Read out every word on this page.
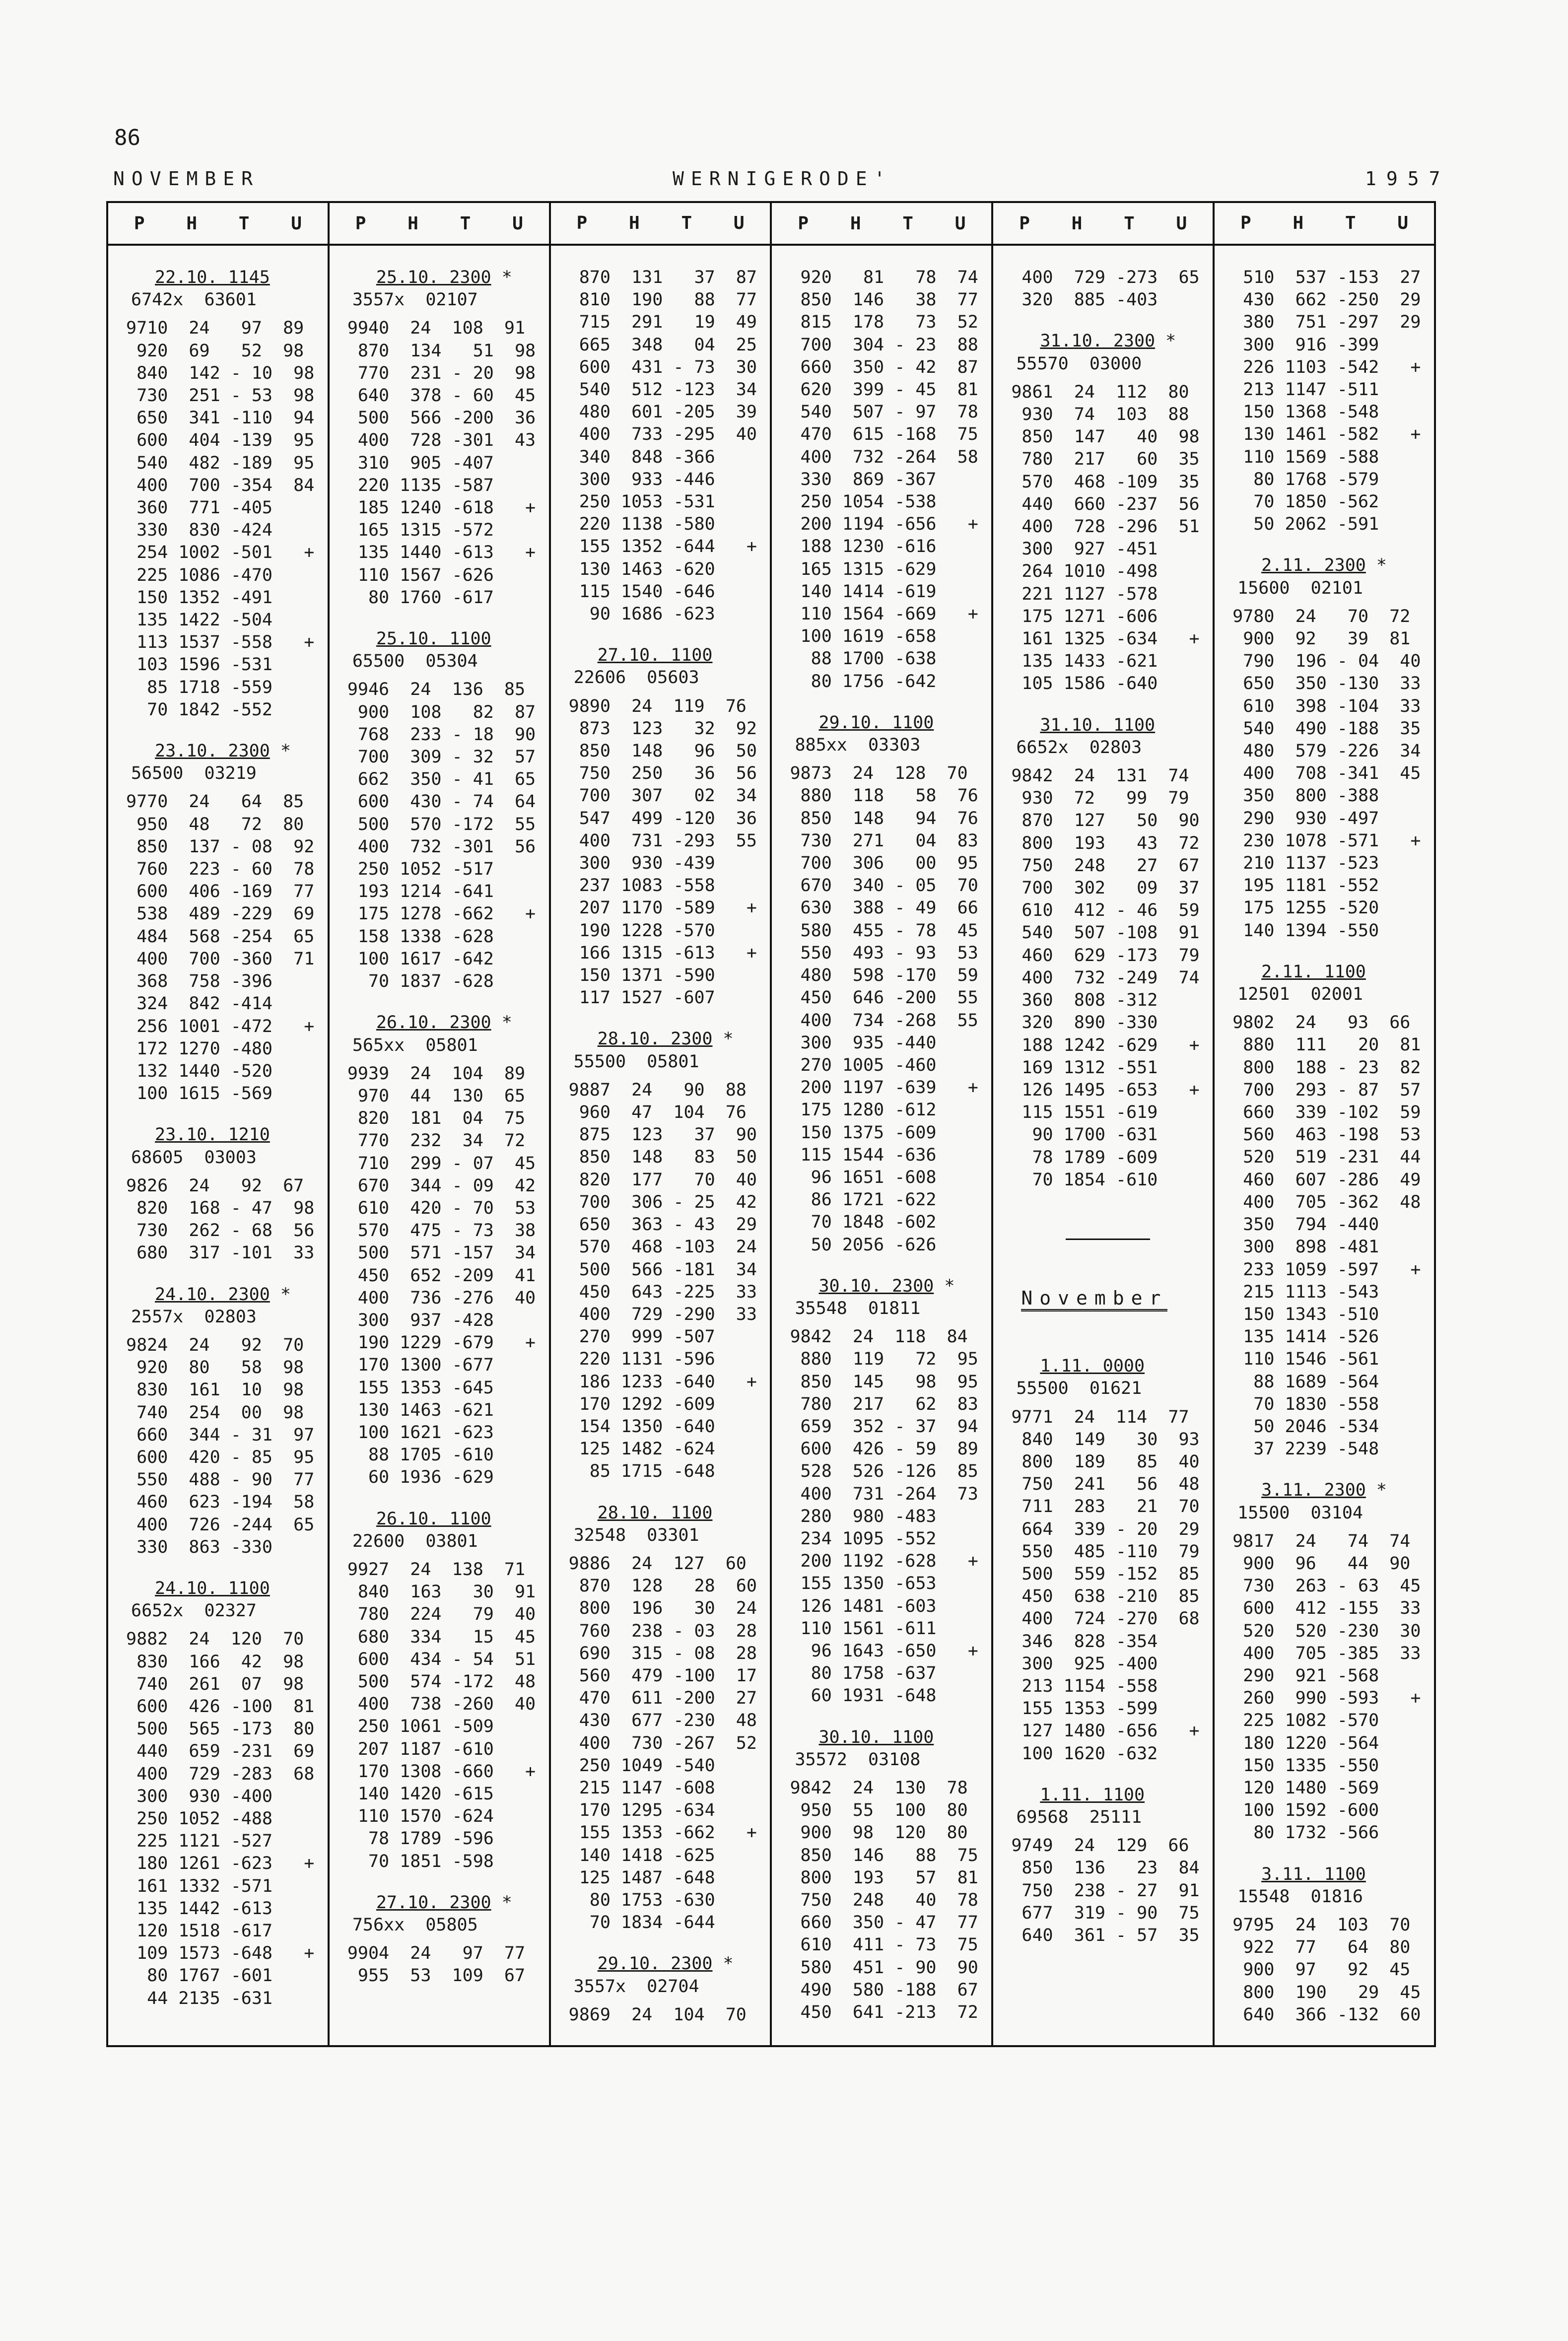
86
NOVEMBER	WERNIGERODE'	1957
P H T U
22.10. 1145
6742x  63601
9710  24   97  89
920  69   52  98
840  142 - 10  98
730  251 - 53  98
650  341 -110  94
600  404 -139  95
540  482 -189  95
400  700 -354  84
360  771 -405
330  830 -424
254 1002 -501   +
225 1086 -470
150 1352 -491
135 1422 -504
113 1537 -558   +
103 1596 -531
85 1718 -559
70 1842 -552
23.10. 2300 *
56500  03219
9770  24   64  85
950  48   72  80
850  137 - 08  92
760  223 - 60  78
600  406 -169  77
538  489 -229  69
484  568 -254  65
400  700 -360  71
368  758 -396
324  842 -414
256 1001 -472   +
172 1270 -480
132 1440 -520
100 1615 -569
23.10. 1210
68605  03003
9826  24   92  67
820  168 - 47  98
730  262 - 68  56
680  317 -101  33
24.10. 2300 *
2557x  02803
9824  24   92  70
920  80   58  98
830  161  10  98
740  254  00  98
660  344 - 31  97
600  420 - 85  95
550  488 - 90  77
460  623 -194  58
400  726 -244  65
330  863 -330
24.10. 1100
6652x  02327
9882  24  120  70
830  166  42  98
740  261  07  98
600  426 -100  81
500  565 -173  80
440  659 -231  69
400  729 -283  68
300  930 -400
250 1052 -488
225 1121 -527
180 1261 -623   +
161 1332 -571
135 1442 -613
120 1518 -617
109 1573 -648   +
80 1767 -601
44 2135 -631
P H T U
25.10. 2300 *
3557x  02107
9940  24  108  91
870  134   51  98
770  231 - 20  98
640  378 - 60  45
500  566 -200  36
400  728 -301  43
310  905 -407
220 1135 -587
185 1240 -618   +
165 1315 -572
135 1440 -613   +
110 1567 -626
80 1760 -617
25.10. 1100
65500  05304
9946  24  136  85
900  108   82  87
768  233 - 18  90
700  309 - 32  57
662  350 - 41  65
600  430 - 74  64
500  570 -172  55
400  732 -301  56
250 1052 -517
193 1214 -641
175 1278 -662   +
158 1338 -628
100 1617 -642
70 1837 -628
26.10. 2300 *
565xx  05801
9939  24  104  89
970  44  130  65
820  181  04  75
770  232  34  72
710  299 - 07  45
670  344 - 09  42
610  420 - 70  53
570  475 - 73  38
500  571 -157  34
450  652 -209  41
400  736 -276  40
300  937 -428
190 1229 -679   +
170 1300 -677
155 1353 -645
130 1463 -621
100 1621 -623
88 1705 -610
60 1936 -629
26.10. 1100
22600  03801
9927  24  138  71
840  163   30  91
780  224   79  40
680  334   15  45
600  434 - 54  51
500  574 -172  48
400  738 -260  40
250 1061 -509
207 1187 -610
170 1308 -660   +
140 1420 -615
110 1570 -624
78 1789 -596
70 1851 -598
27.10. 2300 *
756xx  05805
9904  24   97  77
955  53  109  67
P H T U
870  131   37  87
810  190   88  77
715  291   19  49
665  348   04  25
600  431 - 73  30
540  512 -123  34
480  601 -205  39
400  733 -295  40
340  848 -366
300  933 -446
250 1053 -531
220 1138 -580
155 1352 -644   +
130 1463 -620
115 1540 -646
90 1686 -623
27.10. 1100
22606  05603
9890  24  119  76
873  123   32  92
850  148   96  50
750  250   36  56
700  307   02  34
547  499 -120  36
400  731 -293  55
300  930 -439
237 1083 -558
207 1170 -589   +
190 1228 -570
166 1315 -613   +
150 1371 -590
117 1527 -607
28.10. 2300 *
55500  05801
9887  24   90  88
960  47  104  76
875  123   37  90
850  148   83  50
820  177   70  40
700  306 - 25  42
650  363 - 43  29
570  468 -103  24
500  566 -181  34
450  643 -225  33
400  729 -290  33
270  999 -507
220 1131 -596
186 1233 -640   +
170 1292 -609
154 1350 -640
125 1482 -624
85 1715 -648
28.10. 1100
32548  03301
9886  24  127  60
870  128   28  60
800  196   30  24
760  238 - 03  28
690  315 - 08  28
560  479 -100  17
470  611 -200  27
430  677 -230  48
400  730 -267  52
250 1049 -540
215 1147 -608
170 1295 -634
155 1353 -662   +
140 1418 -625
125 1487 -648
80 1753 -630
70 1834 -644
29.10. 2300 *
3557x  02704
9869  24  104  70
P H T U
920   81   78  74
850  146   38  77
815  178   73  52
700  304 - 23  88
660  350 - 42  87
620  399 - 45  81
540  507 - 97  78
470  615 -168  75
400  732 -264  58
330  869 -367
250 1054 -538
200 1194 -656   +
188 1230 -616
165 1315 -629
140 1414 -619
110 1564 -669   +
100 1619 -658
88 1700 -638
80 1756 -642
29.10. 1100
885xx  03303
9873  24  128  70
880  118   58  76
850  148   94  76
730  271   04  83
700  306   00  95
670  340 - 05  70
630  388 - 49  66
580  455 - 78  45
550  493 - 93  53
480  598 -170  59
450  646 -200  55
400  734 -268  55
300  935 -440
270 1005 -460
200 1197 -639   +
175 1280 -612
150 1375 -609
115 1544 -636
96 1651 -608
86 1721 -622
70 1848 -602
50 2056 -626
30.10. 2300 *
35548  01811
9842  24  118  84
880  119   72  95
850  145   98  95
780  217   62  83
659  352 - 37  94
600  426 - 59  89
528  526 -126  85
400  731 -264  73
280  980 -483
234 1095 -552
200 1192 -628   +
155 1350 -653
126 1481 -603
110 1561 -611
96 1643 -650   +
80 1758 -637
60 1931 -648
30.10. 1100
35572  03108
9842  24  130  78
950  55  100  80
900  98  120  80
850  146   88  75
800  193   57  81
750  248   40  78
660  350 - 47  77
610  411 - 73  75
580  451 - 90  90
490  580 -188  67
450  641 -213  72
P H T U
400  729 -273  65
320  885 -403
31.10. 2300 *
55570  03000
9861  24  112  80
930  74  103  88
850  147   40  98
780  217   60  35
570  468 -109  35
440  660 -237  56
400  728 -296  51
300  927 -451
264 1010 -498
221 1127 -578
175 1271 -606
161 1325 -634   +
135 1433 -621
105 1586 -640
31.10. 1100
6652x  02803
9842  24  131  74
930  72   99  79
870  127   50  90
800  193   43  72
750  248   27  67
700  302   09  37
610  412 - 46  59
540  507 -108  91
460  629 -173  79
400  732 -249  74
360  808 -312
320  890 -330
188 1242 -629   +
169 1312 -551
126 1495 -653   +
115 1551 -619
90 1700 -631
78 1789 -609
70 1854 -610
November
1.11. 0000
55500  01621
9771  24  114  77
840  149   30  93
800  189   85  40
750  241   56  48
711  283   21  70
664  339 - 20  29
550  485 -110  79
500  559 -152  85
450  638 -210  85
400  724 -270  68
346  828 -354
300  925 -400
213 1154 -558
155 1353 -599
127 1480 -656   +
100 1620 -632
1.11. 1100
69568  25111
9749  24  129  66
850  136   23  84
750  238 - 27  91
677  319 - 90  75
640  361 - 57  35
P H T U
510  537 -153  27
430  662 -250  29
380  751 -297  29
300  916 -399
226 1103 -542   +
213 1147 -511
150 1368 -548
130 1461 -582   +
110 1569 -588
80 1768 -579
70 1850 -562
50 2062 -591
2.11. 2300 *
15600  02101
9780  24   70  72
900  92   39  81
790  196 - 04  40
650  350 -130  33
610  398 -104  33
540  490 -188  35
480  579 -226  34
400  708 -341  45
350  800 -388
290  930 -497
230 1078 -571   +
210 1137 -523
195 1181 -552
175 1255 -520
140 1394 -550
2.11. 1100
12501  02001
9802  24   93  66
880  111   20  81
800  188 - 23  82
700  293 - 87  57
660  339 -102  59
560  463 -198  53
520  519 -231  44
460  607 -286  49
400  705 -362  48
350  794 -440
300  898 -481
233 1059 -597   +
215 1113 -543
150 1343 -510
135 1414 -526
110 1546 -561
88 1689 -564
70 1830 -558
50 2046 -534
37 2239 -548
3.11. 2300 *
15500  03104
9817  24   74  74
900  96   44  90
730  263 - 63  45
600  412 -155  33
520  520 -230  30
400  705 -385  33
290  921 -568
260  990 -593   +
225 1082 -570
180 1220 -564
150 1335 -550
120 1480 -569
100 1592 -600
80 1732 -566
3.11. 1100
15548  01816
9795  24  103  70
922  77   64  80
900  97   92  45
800  190   29  45
640  366 -132  60
